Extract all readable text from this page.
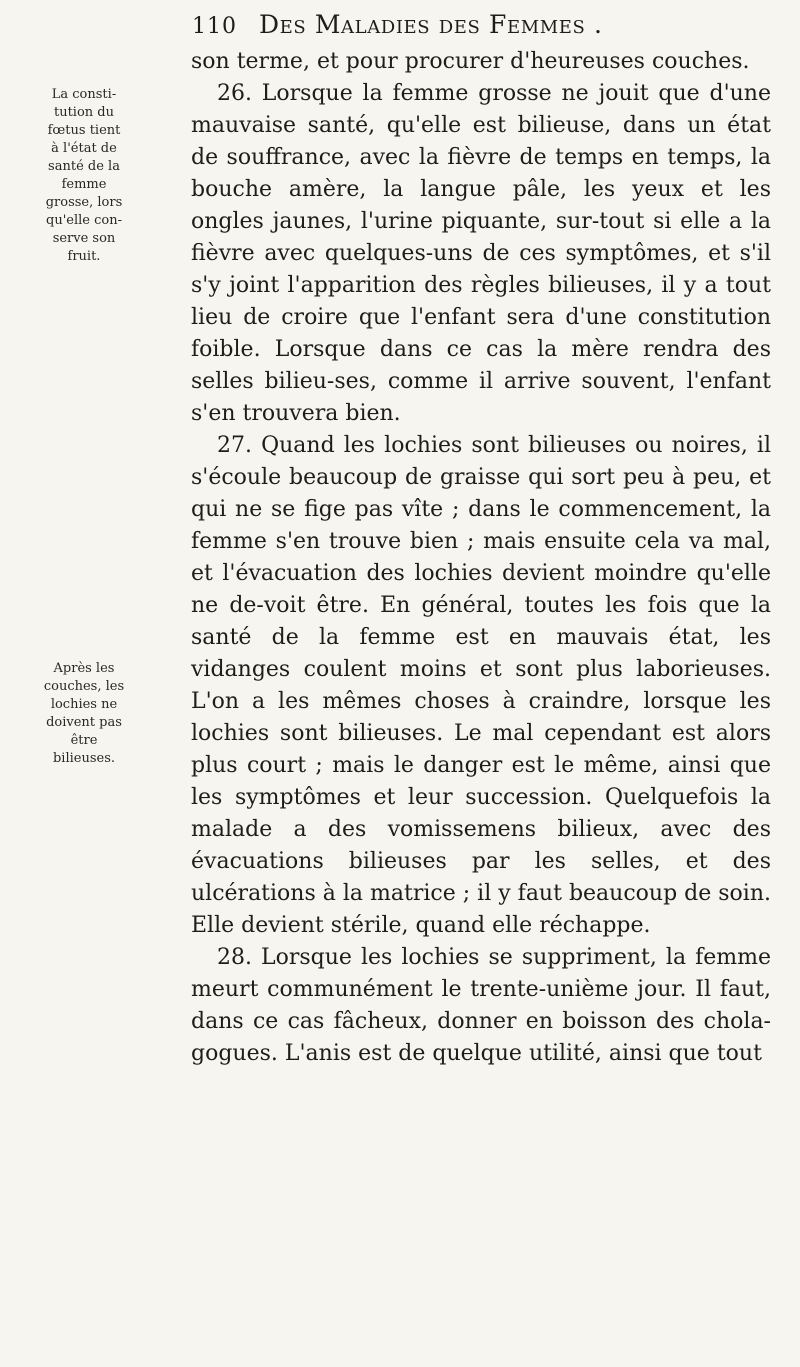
110 Des Maladies des Femmes .
La consti-tution du fœtus tient à l'état de santé de la femme grosse, lors qu'elle con-serve son fruit.
Après les couches, les lochies ne doivent pas être bilieuses.

son terme, et pour procurer d'heureuses couches.

26. Lorsque la femme grosse ne jouit que d'une mauvaise santé, qu'elle est bilieuse, dans un état de souffrance, avec la fièvre de temps en temps, la bouche amère, la langue pâle, les yeux et les ongles jaunes, l'urine piquante, sur-tout si elle a la fièvre avec quelques-uns de ces symptômes, et s'il s'y joint l'apparition des règles bilieuses, il y a tout lieu de croire que l'enfant sera d'une constitution foible. Lorsque dans ce cas la mère rendra des selles bilieu-ses, comme il arrive souvent, l'enfant s'en trouvera bien.

27. Quand les lochies sont bilieuses ou noires, il s'écoule beaucoup de graisse qui sort peu à peu, et qui ne se fige pas vîte ; dans le commencement, la femme s'en trouve bien ; mais ensuite cela va mal, et l'évacuation des lochies devient moindre qu'elle ne de-voit être. En général, toutes les fois que la santé de la femme est en mauvais état, les vidanges coulent moins et sont plus laborieuses. L'on a les mêmes choses à craindre, lorsque les lochies sont bilieuses. Le mal cependant est alors plus court ; mais le danger est le même, ainsi que les symptômes et leur succession. Quelquefois la malade a des vomissemens bilieux, avec des évacuations bilieuses par les selles, et des ulcérations à la matrice ; il y faut beaucoup de soin. Elle devient stérile, quand elle réchappe.

28. Lorsque les lochies se suppriment, la femme meurt communément le trente-unième jour. Il faut, dans ce cas fâcheux, donner en boisson des chola-gogues. L'anis est de quelque utilité, ainsi que tout
